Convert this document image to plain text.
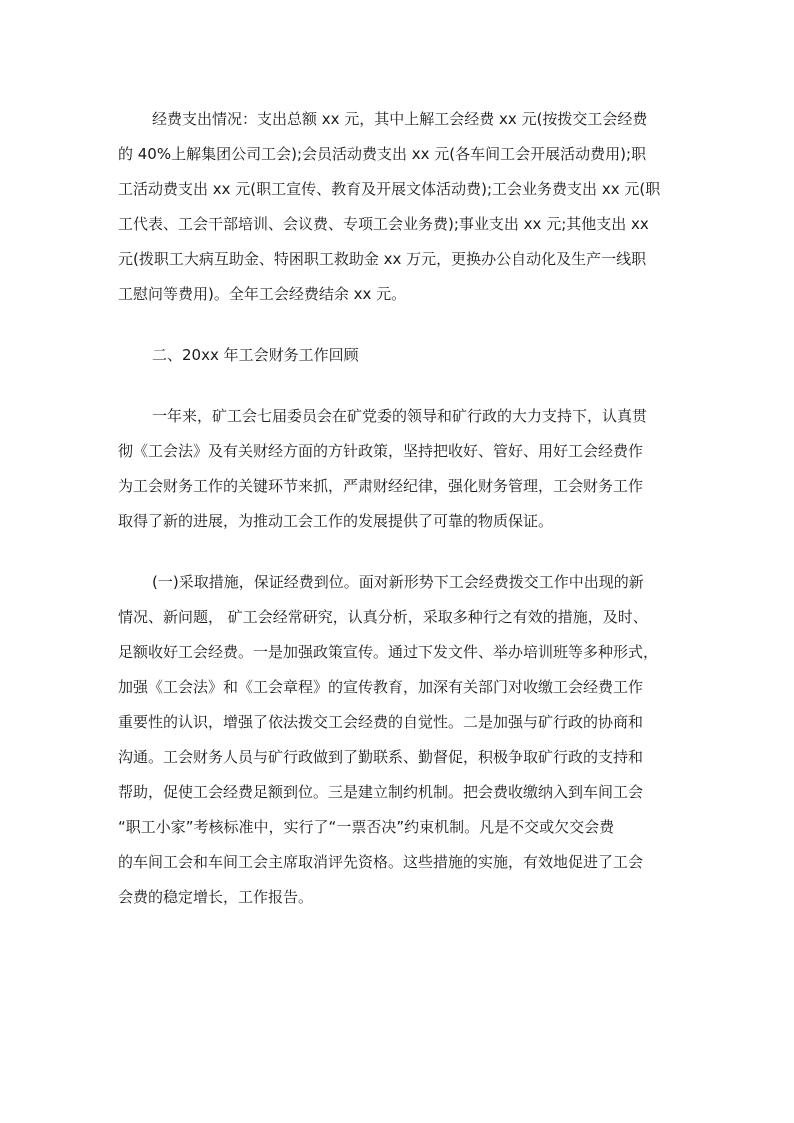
经费支出情况：支出总额 xx 元，其中上解工会经费 xx 元(按拨交工会经费
的 40%上解集团公司工会);会员活动费支出 xx 元(各车间工会开展活动费用);职
工活动费支出 xx 元(职工宣传、教育及开展文体活动费);工会业务费支出 xx 元(职
工代表、工会干部培训、会议费、专项工会业务费);事业支出 xx 元;其他支出 xx
元(拨职工大病互助金、特困职工救助金 xx 万元，更换办公自动化及生产一线职
工慰问等费用)。全年工会经费结余 xx 元。

二、20xx 年工会财务工作回顾

一年来，矿工会七届委员会在矿党委的领导和矿行政的大力支持下，认真贯
彻《工会法》及有关财经方面的方针政策，坚持把收好、管好、用好工会经费作
为工会财务工作的关键环节来抓，严肃财经纪律，强化财务管理，工会财务工作
取得了新的进展，为推动工会工作的发展提供了可靠的物质保证。

(一)采取措施，保证经费到位。面对新形势下工会经费拨交工作中出现的新
情况、新问题， 矿工会经常研究，认真分析，采取多种行之有效的措施，及时、
足额收好工会经费。一是加强政策宣传。通过下发文件、举办培训班等多种形式，
加强《工会法》和《工会章程》的宣传教育，加深有关部门对收缴工会经费工作
重要性的认识，增强了依法拨交工会经费的自觉性。二是加强与矿行政的协商和
沟通。工会财务人员与矿行政做到了勤联系、勤督促，积极争取矿行政的支持和
帮助，促使工会经费足额到位。三是建立制约机制。把会费收缴纳入到车间工会
“职工小家”考核标准中，实行了“一票否决”约束机制。凡是不交或欠交会费
的车间工会和车间工会主席取消评先资格。这些措施的实施，有效地促进了工会
会费的稳定增长，工作报告。
